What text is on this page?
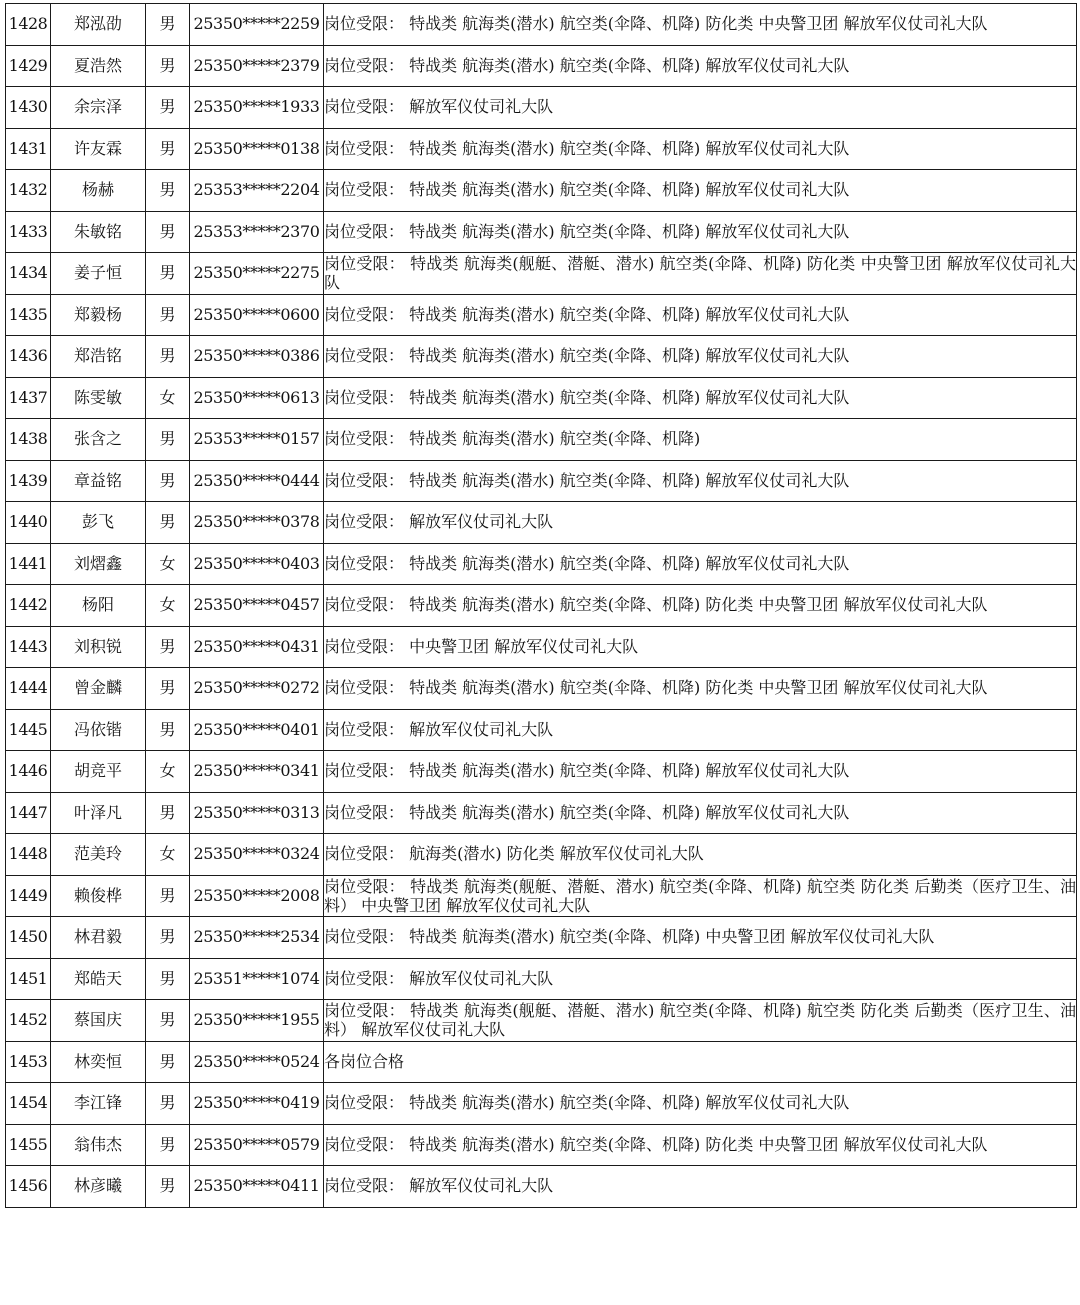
1428	郑泓劭	男	25350*****2259	岗位受限： 特战类 航海类(潜水) 航空类(伞降、机降) 防化类 中央警卫团 解放军仪仗司礼大队
1429	夏浩然	男	25350*****2379	岗位受限： 特战类 航海类(潜水) 航空类(伞降、机降) 解放军仪仗司礼大队
1430	余宗泽	男	25350*****1933	岗位受限： 解放军仪仗司礼大队
1431	许友霖	男	25350*****0138	岗位受限： 特战类 航海类(潜水) 航空类(伞降、机降) 解放军仪仗司礼大队
1432	杨赫	男	25353*****2204	岗位受限： 特战类 航海类(潜水) 航空类(伞降、机降) 解放军仪仗司礼大队
1433	朱敏铭	男	25353*****2370	岗位受限： 特战类 航海类(潜水) 航空类(伞降、机降) 解放军仪仗司礼大队
1434	姜子恒	男	25350*****2275	岗位受限： 特战类 航海类(舰艇、潜艇、潜水) 航空类(伞降、机降) 防化类 中央警卫团 解放军仪仗司礼大队
1435	郑毅杨	男	25350*****0600	岗位受限： 特战类 航海类(潜水) 航空类(伞降、机降) 解放军仪仗司礼大队
1436	郑浩铭	男	25350*****0386	岗位受限： 特战类 航海类(潜水) 航空类(伞降、机降) 解放军仪仗司礼大队
1437	陈雯敏	女	25350*****0613	岗位受限： 特战类 航海类(潜水) 航空类(伞降、机降) 解放军仪仗司礼大队
1438	张含之	男	25353*****0157	岗位受限： 特战类 航海类(潜水) 航空类(伞降、机降)
1439	章益铭	男	25350*****0444	岗位受限： 特战类 航海类(潜水) 航空类(伞降、机降) 解放军仪仗司礼大队
1440	彭飞	男	25350*****0378	岗位受限： 解放军仪仗司礼大队
1441	刘熠鑫	女	25350*****0403	岗位受限： 特战类 航海类(潜水) 航空类(伞降、机降) 解放军仪仗司礼大队
1442	杨阳	女	25350*****0457	岗位受限： 特战类 航海类(潜水) 航空类(伞降、机降) 防化类 中央警卫团 解放军仪仗司礼大队
1443	刘积锐	男	25350*****0431	岗位受限： 中央警卫团 解放军仪仗司礼大队
1444	曾金麟	男	25350*****0272	岗位受限： 特战类 航海类(潜水) 航空类(伞降、机降) 防化类 中央警卫团 解放军仪仗司礼大队
1445	冯依锴	男	25350*****0401	岗位受限： 解放军仪仗司礼大队
1446	胡竞平	女	25350*****0341	岗位受限： 特战类 航海类(潜水) 航空类(伞降、机降) 解放军仪仗司礼大队
1447	叶泽凡	男	25350*****0313	岗位受限： 特战类 航海类(潜水) 航空类(伞降、机降) 解放军仪仗司礼大队
1448	范美玲	女	25350*****0324	岗位受限： 航海类(潜水) 防化类 解放军仪仗司礼大队
1449	赖俊桦	男	25350*****2008	岗位受限： 特战类 航海类(舰艇、潜艇、潜水) 航空类(伞降、机降) 航空类 防化类 后勤类（医疗卫生、油料） 中央警卫团 解放军仪仗司礼大队
1450	林君毅	男	25350*****2534	岗位受限： 特战类 航海类(潜水) 航空类(伞降、机降) 中央警卫团 解放军仪仗司礼大队
1451	郑皓天	男	25351*****1074	岗位受限： 解放军仪仗司礼大队
1452	蔡国庆	男	25350*****1955	岗位受限： 特战类 航海类(舰艇、潜艇、潜水) 航空类(伞降、机降) 航空类 防化类 后勤类（医疗卫生、油料） 解放军仪仗司礼大队
1453	林奕恒	男	25350*****0524	各岗位合格
1454	李江锋	男	25350*****0419	岗位受限： 特战类 航海类(潜水) 航空类(伞降、机降) 解放军仪仗司礼大队
1455	翁伟杰	男	25350*****0579	岗位受限： 特战类 航海类(潜水) 航空类(伞降、机降) 防化类 中央警卫团 解放军仪仗司礼大队
1456	林彦曦	男	25350*****0411	岗位受限： 解放军仪仗司礼大队
